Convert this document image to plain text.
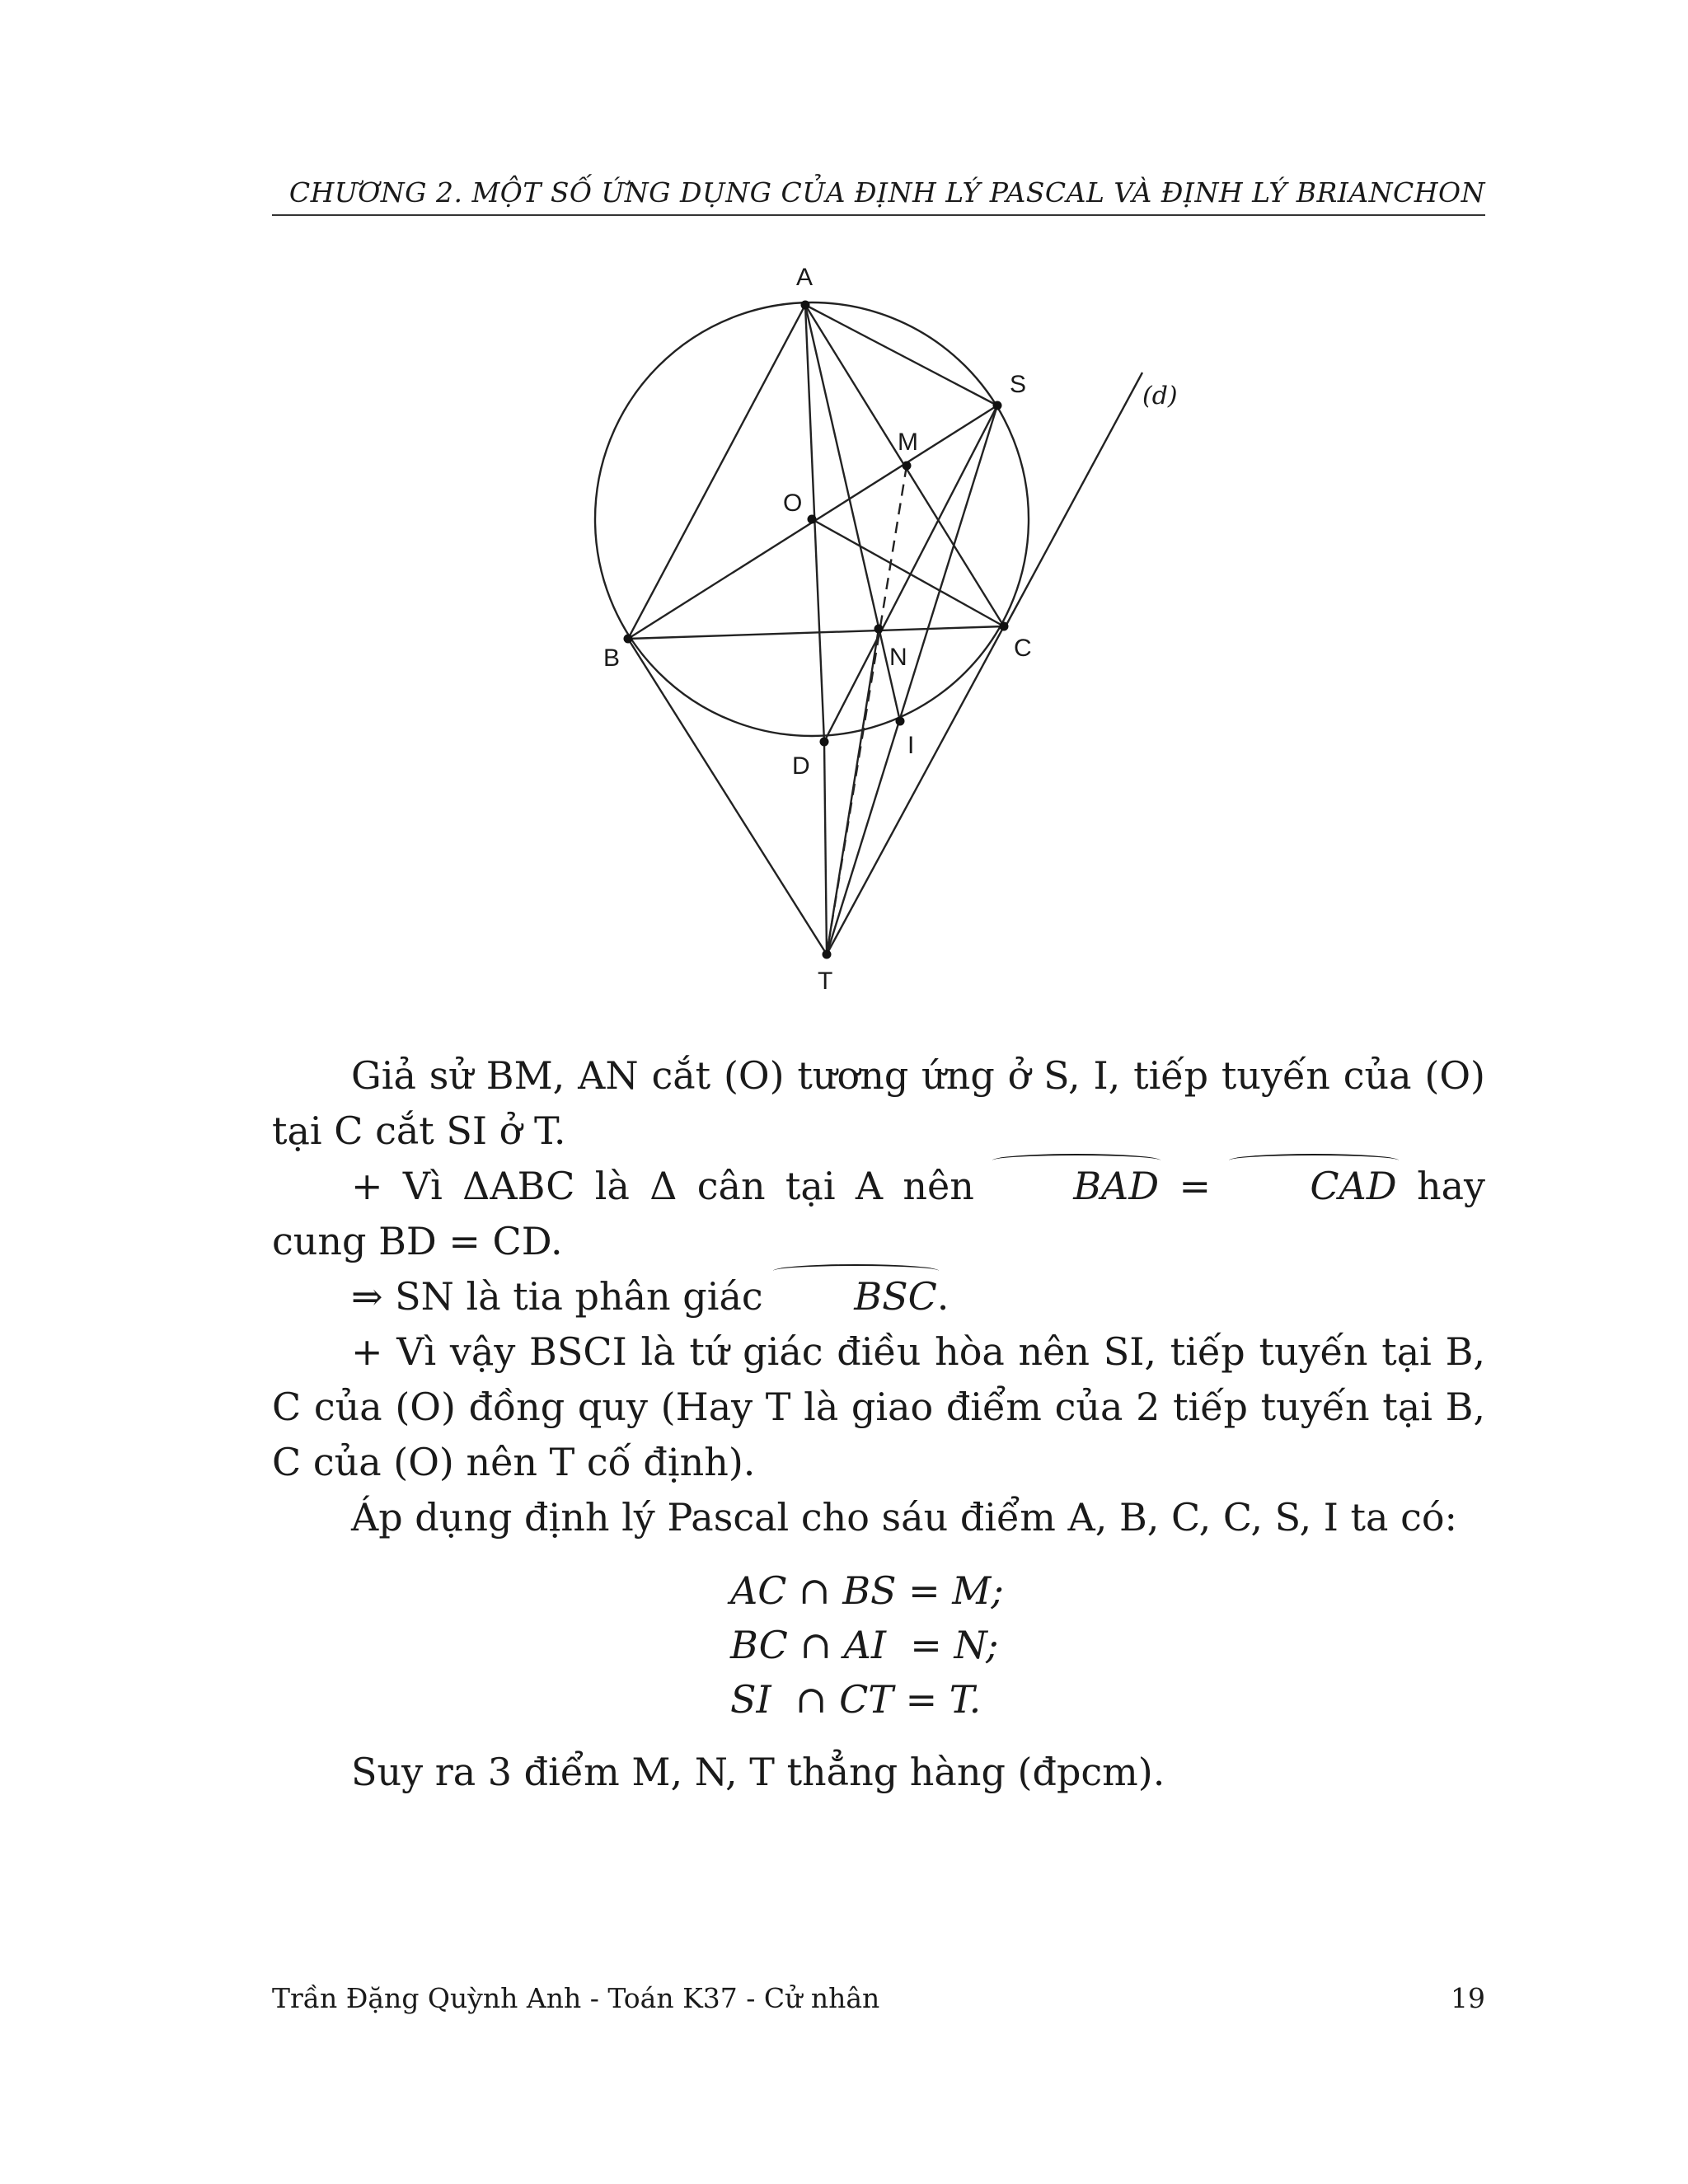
CHƯƠNG 2. MỘT SỐ ỨNG DỤNG CỦA ĐỊNH LÝ PASCAL VÀ ĐỊNH LÝ BRIANCHON
A
S
M
O
B	C
N
D
I
T
(d)

Giả sử BM, AN cắt (O) tương ứng ở S, I, tiếp tuyến của (O) tại C cắt SI ở T.

+ Vì ΔABC là Δ cân tại A nên BAD = CAD hay cung BD = CD.

⇒ SN là tia phân giác BSC.

+ Vì vậy BSCI là tứ giác điều hòa nên SI, tiếp tuyến tại B, C của (O) đồng quy (Hay T là giao điểm của 2 tiếp tuyến tại B, C của (O) nên T cố định).

Áp dụng định lý Pascal cho sáu điểm A, B, C, C, S, I ta có:

AC ∩ BS = M;
BC ∩ AI  = N;
SI  ∩ CT = T.

Suy ra 3 điểm M, N, T thẳng hàng (đpcm).

Trần Đặng Quỳnh Anh - Toán K37 - Cử nhân	19
